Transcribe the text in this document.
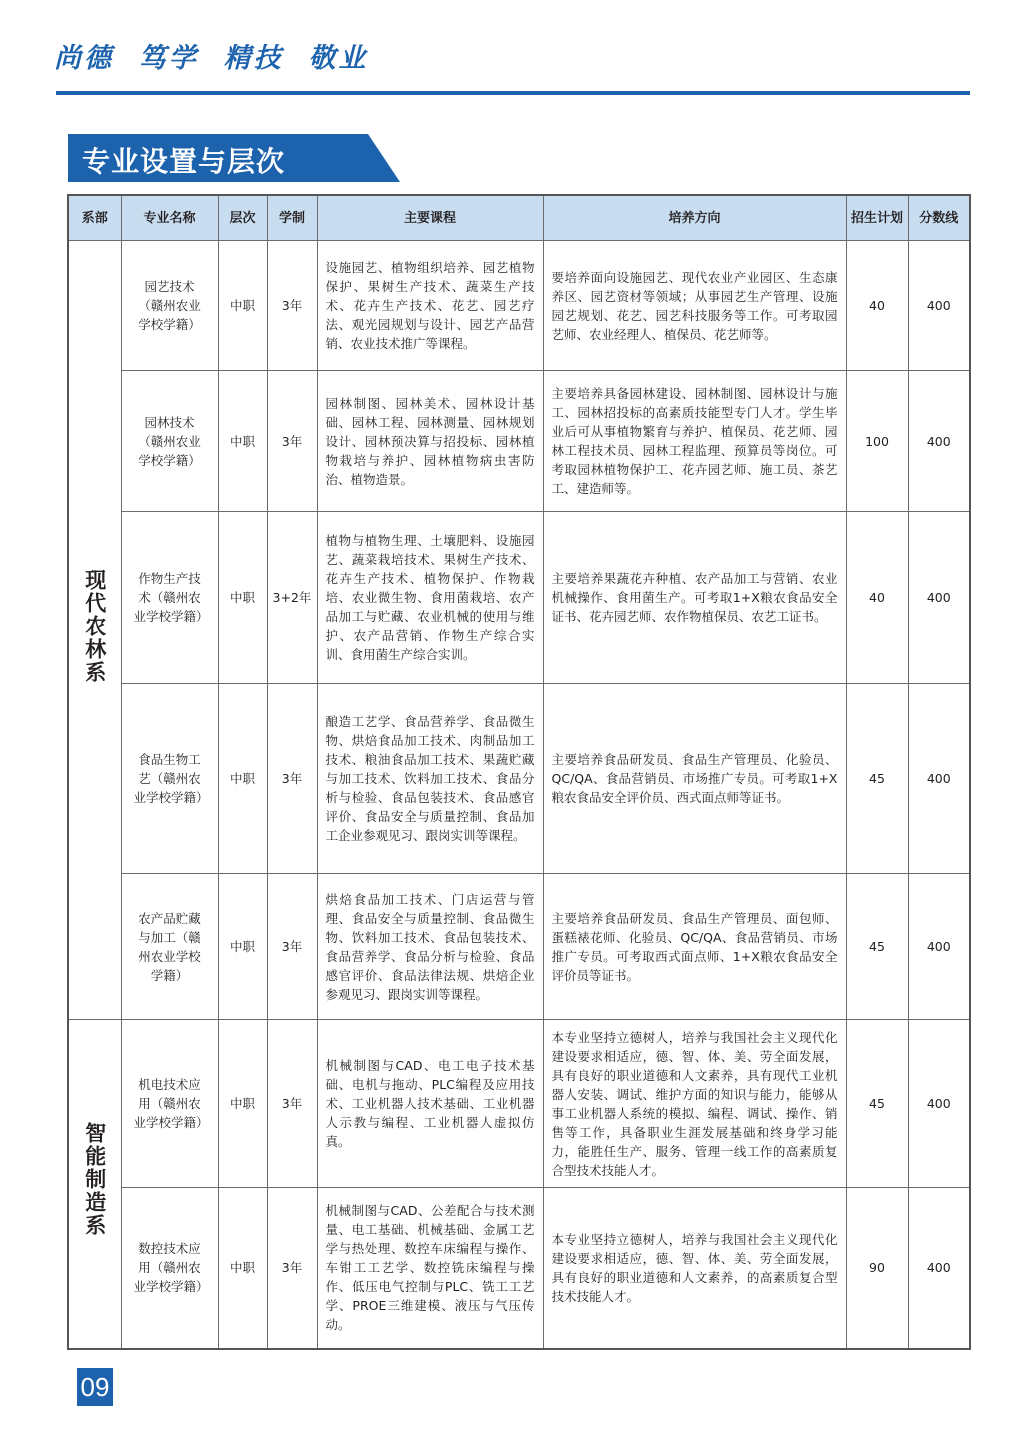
尚德  笃学  精技  敬业
专业设置与层次
系部	专业名称	层次	学制	主要课程	培养方向	招生计划	分数线
现代农林系	园艺技术（赣州农业学校学籍）	中职	3年	设施园艺、植物组织培养、园艺植物保护、果树生产技术、蔬菜生产技术、花卉生产技术、花艺、园艺疗法、观光园规划与设计、园艺产品营销、农业技术推广等课程。	要培养面向设施园艺、现代农业产业园区、生态康养区、园艺资材等领域；从事园艺生产管理、设施园艺规划、花艺、园艺科技服务等工作。可考取园艺师、农业经理人、植保员、花艺师等。	40	400
	园林技术（赣州农业学校学籍）	中职	3年	园林制图、园林美术、园林设计基础、园林工程、园林测量、园林规划设计、园林预决算与招投标、园林植物栽培与养护、园林植物病虫害防治、植物造景。	主要培养具备园林建设、园林制图、园林设计与施工、园林招投标的高素质技能型专门人才。学生毕业后可从事植物繁育与养护、植保员、花艺师、园林工程技术员、园林工程监理、预算员等岗位。可考取园林植物保护工、花卉园艺师、施工员、茶艺工、建造师等。	100	400
	作物生产技术（赣州农业学校学籍）	中职	3+2年	植物与植物生理、土壤肥料、设施园艺、蔬菜栽培技术、果树生产技术、花卉生产技术、植物保护、作物栽培、农业微生物、食用菌栽培、农产品加工与贮藏、农业机械的使用与维护、农产品营销、作物生产综合实训、食用菌生产综合实训。	主要培养果蔬花卉种植、农产品加工与营销、农业机械操作、食用菌生产。可考取1+X粮农食品安全证书、花卉园艺师、农作物植保员、农艺工证书。	40	400
	食品生物工艺（赣州农业学校学籍）	中职	3年	酿造工艺学、食品营养学、食品微生物、烘焙食品加工技术、肉制品加工技术、粮油食品加工技术、果蔬贮藏与加工技术、饮料加工技术、食品分析与检验、食品包装技术、食品感官评价、食品安全与质量控制、食品加工企业参观见习、跟岗实训等课程。	主要培养食品研发员、食品生产管理员、化验员、QC/QA、食品营销员、市场推广专员。可考取1+X粮农食品安全评价员、西式面点师等证书。	45	400
	农产品贮藏与加工（赣州农业学校学籍）	中职	3年	烘焙食品加工技术、门店运营与管理、食品安全与质量控制、食品微生物、饮料加工技术、食品包装技术、食品营养学、食品分析与检验、食品感官评价、食品法律法规、烘焙企业参观见习、跟岗实训等课程。	主要培养食品研发员、食品生产管理员、面包师、蛋糕裱花师、化验员、QC/QA、食品营销员、市场推广专员。可考取西式面点师、1+X粮农食品安全评价员等证书。	45	400
智能制造系	机电技术应用（赣州农业学校学籍）	中职	3年	机械制图与CAD、电工电子技术基础、电机与拖动、PLC编程及应用技术、工业机器人技术基础、工业机器人示教与编程、工业机器人虚拟仿真。	本专业坚持立德树人，培养与我国社会主义现代化建设要求相适应，德、智、体、美、劳全面发展，具有良好的职业道德和人文素养，具有现代工业机器人安装、调试、维护方面的知识与能力，能够从事工业机器人系统的模拟、编程、调试、操作、销售等工作，具备职业生涯发展基础和终身学习能力，能胜任生产、服务、管理一线工作的高素质复合型技术技能人才。	45	400
	数控技术应用（赣州农业学校学籍）	中职	3年	机械制图与CAD、公差配合与技术测量、电工基础、机械基础、金属工艺学与热处理、数控车床编程与操作、车钳工工艺学、数控铣床编程与操作、低压电气控制与PLC、铣工工艺学、PROE三维建模、液压与气压传动。	本专业坚持立德树人，培养与我国社会主义现代化建设要求相适应，德、智、体、美、劳全面发展，具有良好的职业道德和人文素养，的高素质复合型技术技能人才。	90	400
09
